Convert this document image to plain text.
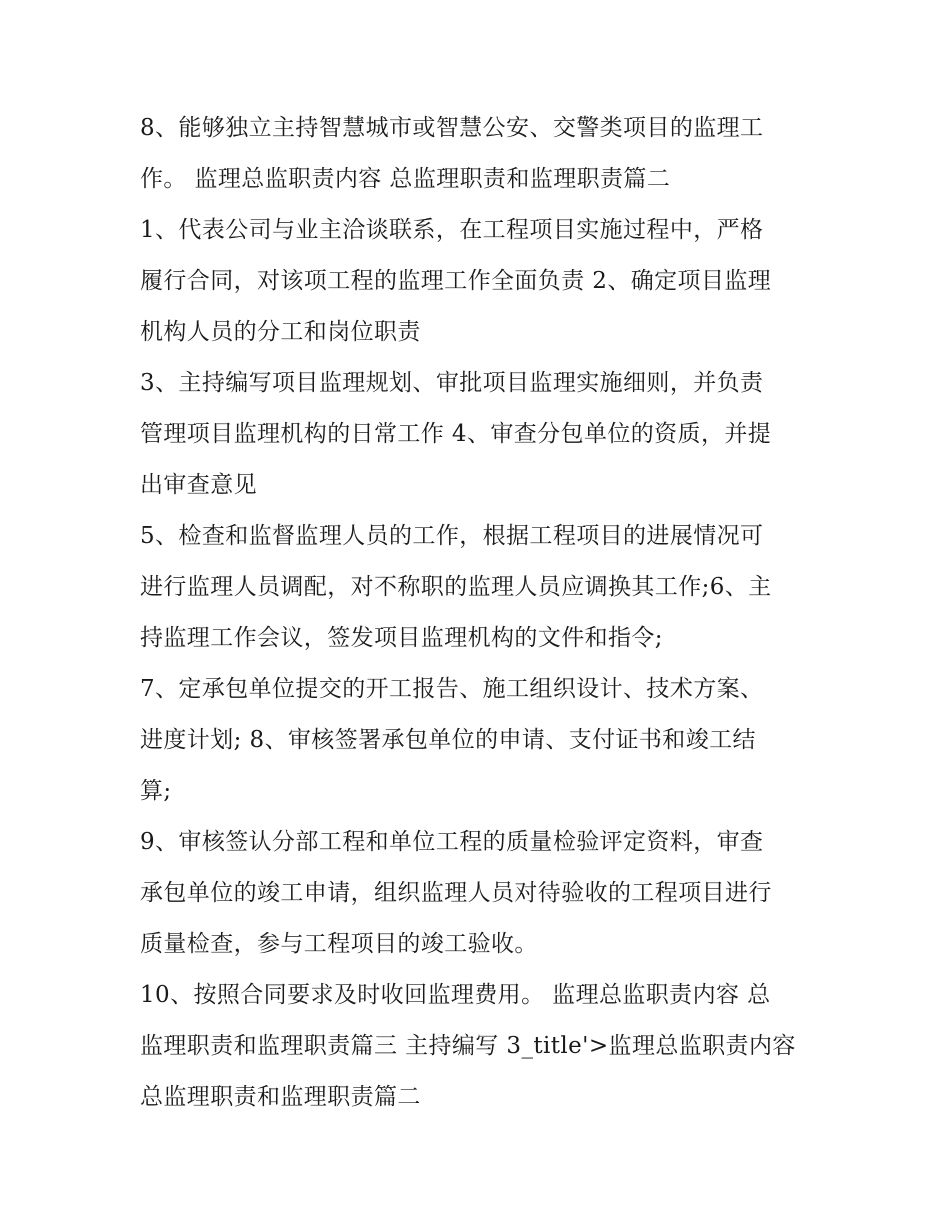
8、能够独立主持智慧城市或智慧公安、交警类项目的监理工
作。 监理总监职责内容 总监理职责和监理职责篇二

1、代表公司与业主洽谈联系，在工程项目实施过程中，严格
履行合同，对该项工程的监理工作全面负责 2、确定项目监理
机构人员的分工和岗位职责

3、主持编写项目监理规划、审批项目监理实施细则，并负责
管理项目监理机构的日常工作 4、审查分包单位的资质，并提
出审查意见

5、检查和监督监理人员的工作，根据工程项目的进展情况可
进行监理人员调配，对不称职的监理人员应调换其工作;6、主
持监理工作会议，签发项目监理机构的文件和指令;

7、定承包单位提交的开工报告、施工组织设计、技术方案、
进度计划; 8、审核签署承包单位的申请、支付证书和竣工结
算;

9、审核签认分部工程和单位工程的质量检验评定资料，审查
承包单位的竣工申请，组织监理人员对待验收的工程项目进行
质量检查，参与工程项目的竣工验收。

10、按照合同要求及时收回监理费用。 监理总监职责内容 总
监理职责和监理职责篇三 主持编写 3_title'>监理总监职责内容
总监理职责和监理职责篇二
